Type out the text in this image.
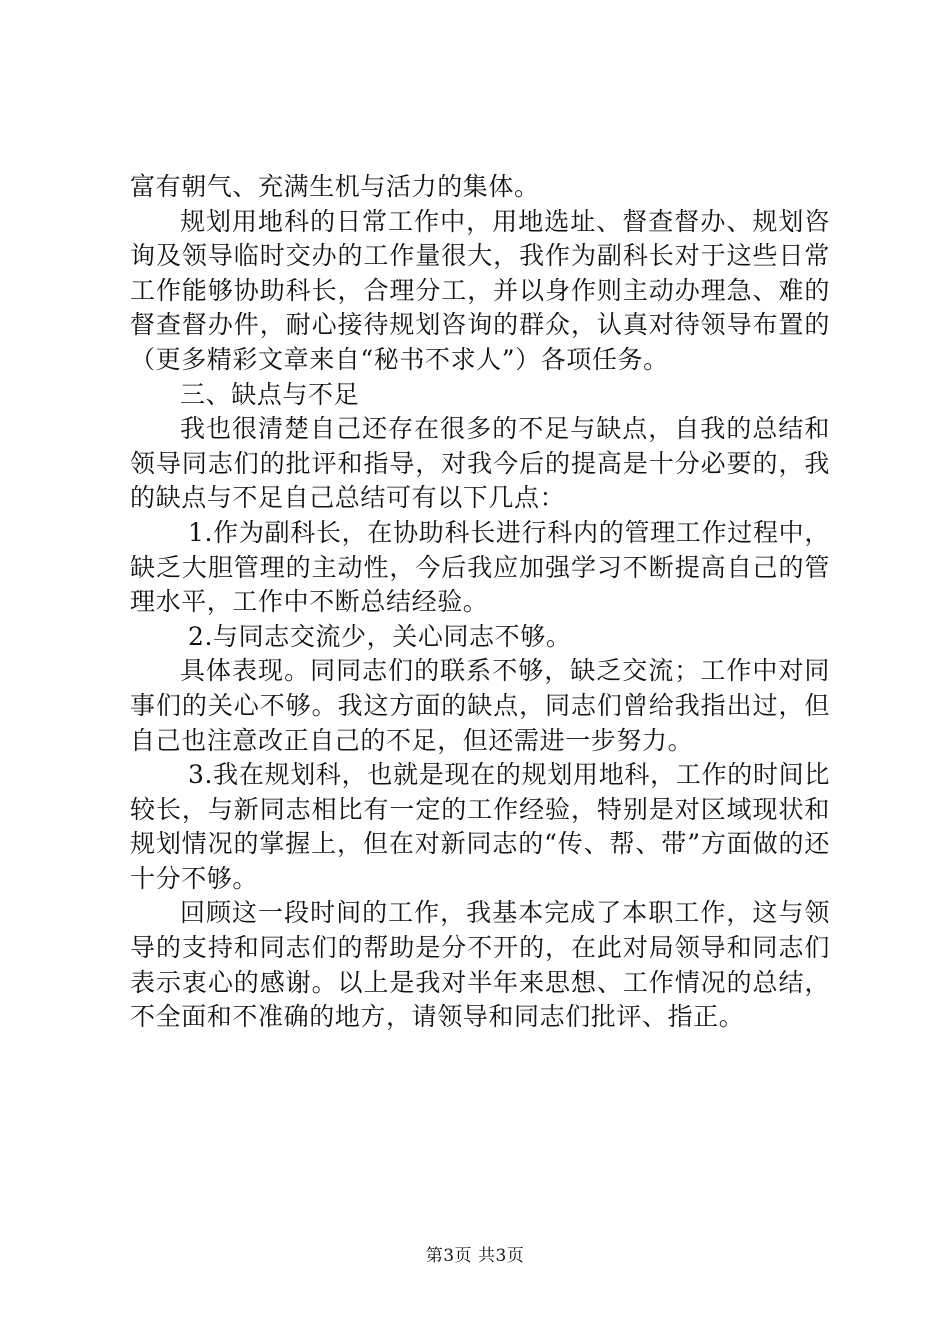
富有朝气、充满生机与活力的集体。

规划用地科的日常工作中，用地选址、督查督办、规划咨询及领导临时交办的工作量很大，我作为副科长对于这些日常工作能够协助科长，合理分工，并以身作则主动办理急、难的督查督办件，耐心接待规划咨询的群众，认真对待领导布置的（更多精彩文章来自“秘书不求人”）各项任务。

三、缺点与不足

我也很清楚自己还存在很多的不足与缺点，自我的总结和领导同志们的批评和指导，对我今后的提高是十分必要的，我的缺点与不足自己总结可有以下几点：

1.作为副科长，在协助科长进行科内的管理工作过程中，缺乏大胆管理的主动性，今后我应加强学习不断提高自己的管理水平，工作中不断总结经验。

2.与同志交流少，关心同志不够。

具体表现。同同志们的联系不够，缺乏交流；工作中对同事们的关心不够。我这方面的缺点，同志们曾给我指出过，但自己也注意改正自己的不足，但还需进一步努力。

3.我在规划科，也就是现在的规划用地科，工作的时间比较长，与新同志相比有一定的工作经验，特别是对区域现状和规划情况的掌握上，但在对新同志的“传、帮、带”方面做的还十分不够。

回顾这一段时间的工作，我基本完成了本职工作，这与领导的支持和同志们的帮助是分不开的，在此对局领导和同志们表示衷心的感谢。以上是我对半年来思想、工作情况的总结，不全面和不准确的地方，请领导和同志们批评、指正。

第3页 共3页
